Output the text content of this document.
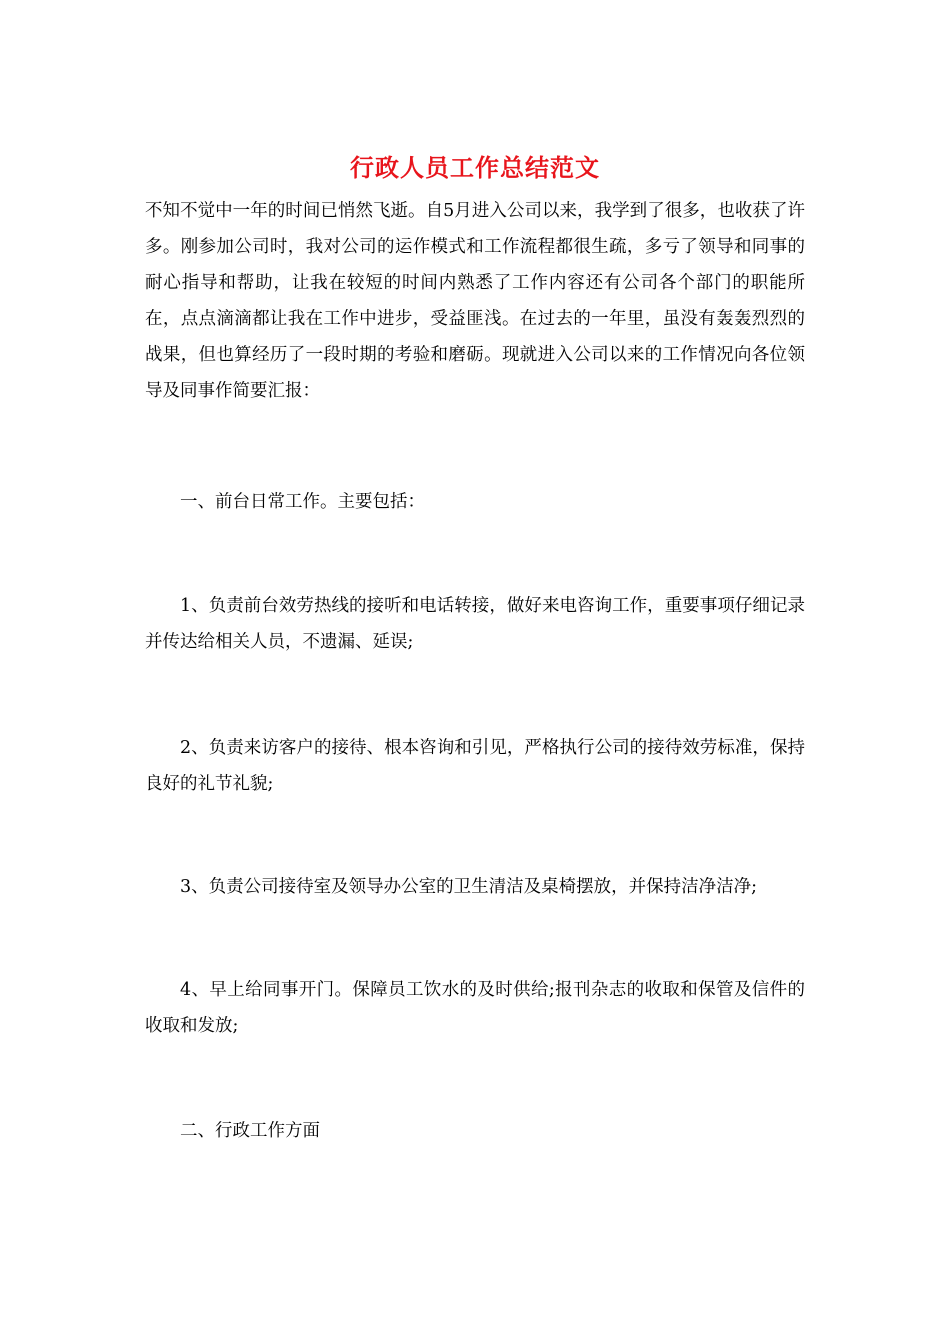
行政人员工作总结范文

不知不觉中一年的时间已悄然飞逝。自5月进入公司以来，我学到了很多，也收获了许多。刚参加公司时，我对公司的运作模式和工作流程都很生疏，多亏了领导和同事的耐心指导和帮助，让我在较短的时间内熟悉了工作内容还有公司各个部门的职能所在，点点滴滴都让我在工作中进步，受益匪浅。在过去的一年里，虽没有轰轰烈烈的战果，但也算经历了一段时期的考验和磨砺。现就进入公司以来的工作情况向各位领导及同事作简要汇报：

一、前台日常工作。主要包括：

1、负责前台效劳热线的接听和电话转接，做好来电咨询工作，重要事项仔细记录并传达给相关人员，不遗漏、延误;

2、负责来访客户的接待、根本咨询和引见，严格执行公司的接待效劳标准，保持良好的礼节礼貌;

3、负责公司接待室及领导办公室的卫生清洁及桌椅摆放，并保持洁净洁净;

4、早上给同事开门。保障员工饮水的及时供给;报刊杂志的收取和保管及信件的收取和发放;

二、行政工作方面
